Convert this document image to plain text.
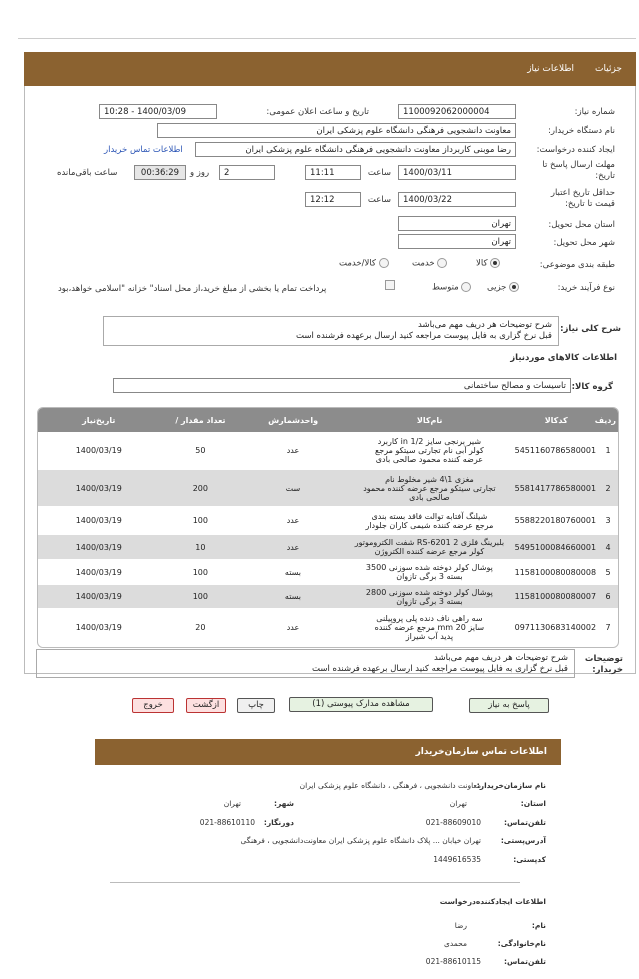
جزئیات
اطلاعات نیاز
شماره نیاز:
1100092062000004
تاریخ و ساعت اعلان عمومی:
1400/03/09 - 10:28
نام دستگاه خریدار:
معاونت دانشجویی فرهنگی دانشگاه علوم پزشکی ایران
ایجاد کننده درخواست:
رضا موبنی کاربرداز معاونت دانشجویی فرهنگی دانشگاه علوم پزشکی ایران
اطلاعات تماس خریدار
مهلت ارسال پاسخ تا تاریخ:
1400/03/11
ساعت
11:11
2
روز و
00:36:29
ساعت باقی‌مانده
حداقل تاریخ اعتبار قیمت تا تاریخ:
1400/03/22
ساعت
12:12
استان محل تحویل:
تهران
شهر محل تحویل:
تهران
طبقه بندی موضوعی:
کالا
خدمت
کالا/خدمت
نوع فرآیند خرید:
جزیی
متوسط
پرداخت تمام یا بخشی از مبلغ خرید،از محل اسناد" خزانه "اسلامی خواهد،بود
شرح کلی نیاز:
شرح توضیحات هر دریف مهم می‌باشد
قبل نرخ گزاری به فایل پیوست مراجعه کنید ارسال برعهده فرشنده است
اطلاعات کالاهای موردنیاز
گروه کالا:
تاسیسات و مصالح ساختمانی
ردیف
کدکالا
نام‌کالا
واحدشمارش
تعداد مقدار /
تاریخ‌نیاز
1
5451160786580001
شیر برنجی سایز 1/2 in کاربرد
کولر آبی نام تجارتی سیتکو مرجع
عرضه کننده محمود صالحی بادی
عدد
50
1400/03/19
2
5581417786580001
مغزی 1\4 شیر مخلوط نام
تجارتی سیتکو مرجع عرضه کننده محمود
صالحی بادی
ست
200
1400/03/19
3
5588220180760001
شیلنگ آفتابه توالت فاقد بسته بندی
مرجع عرضه کننده شیمی کاران جلودار
عدد
100
1400/03/19
4
5495100084660001
بلبرینگ فلزی RS-6201 2 شفت الکتروموتور
کولر مرجع عرضه کننده الکتروژن
عدد
10
1400/03/19
5
1158100080080008
پوشال کولر دوخته شده سوزنی 3500
بسته 3 برگی تازوان
بسته
100
1400/03/19
6
1158100080080007
پوشال کولر دوخته شده سوزنی 2800
بسته 3 برگی تازوان
بسته
100
1400/03/19
7
0971130683140002
سه راهی ناف دنده پلی پروپیلنی
سایز 20 mm مرجع عرضه کننده
پدید آب شیراز
عدد
20
1400/03/19
توضیحات خریدار:
شرح توضیحات هر دریف مهم می‌باشد
قبل نرخ گزاری به فایل پیوست مراجعه کنید ارسال برعهده فرشنده است
پاسخ به نیاز
مشاهده مدارک پیوستی (1)
چاپ
ازگشت
خروج
اطلاعات تماس سازمان‌خریدار
نام سازمان‌خریدار:
معاونت دانشجویی ، فرهنگی ، دانشگاه علوم پزشکی ایران
استان:
تهران
شهر:
تهران
تلفن‌تماس:
021-88609010
دورنگار:
021-88610110
آدرس‌پستی:
تهران خیابان ... پلاک دانشگاه علوم پزشکی ایران معاونت‌دانشجویی ، فرهنگی
کدپستی:
1449616535
اطلاعات ایجادکننده‌درخواست
نام:
رضا
نام‌خانوادگی:
محمدی
تلفن‌تماس:
021-88610115
